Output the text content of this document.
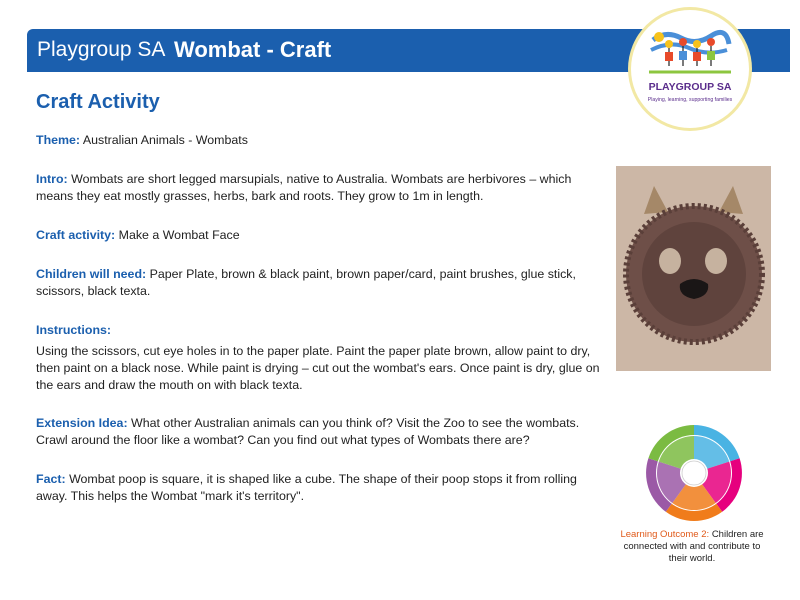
Playgroup SA Wombat - Craft
PLAYGROUP SA
Playing, learning, supporting families
Craft Activity
Theme: Australian Animals - Wombats
Intro: Wombats are short legged marsupials, native to Australia. Wombats are herbivores – which means they eat mostly grasses, herbs, bark and roots. They grow to 1m in length.
Craft activity: Make a Wombat Face
Children will need: Paper Plate, brown & black paint, brown paper/card, paint brushes, glue stick, scissors, black texta.
Instructions:
Using the scissors, cut eye holes in to the paper plate. Paint the paper plate brown, allow paint to dry, then paint on a black nose. While paint is drying – cut out the wombat's ears. Once paint is dry, glue on the ears and draw the mouth on with black texta.
Extension Idea: What other Australian animals can you think of? Visit the Zoo to see the wombats. Crawl around the floor like a wombat? Can you find out what types of Wombats there are?
Fact: Wombat poop is square, it is shaped like a cube. The shape of their poop stops it from rolling away. This helps the Wombat "mark it's territory".
Learning Outcome 2: Children are connected with and contribute to their world.
